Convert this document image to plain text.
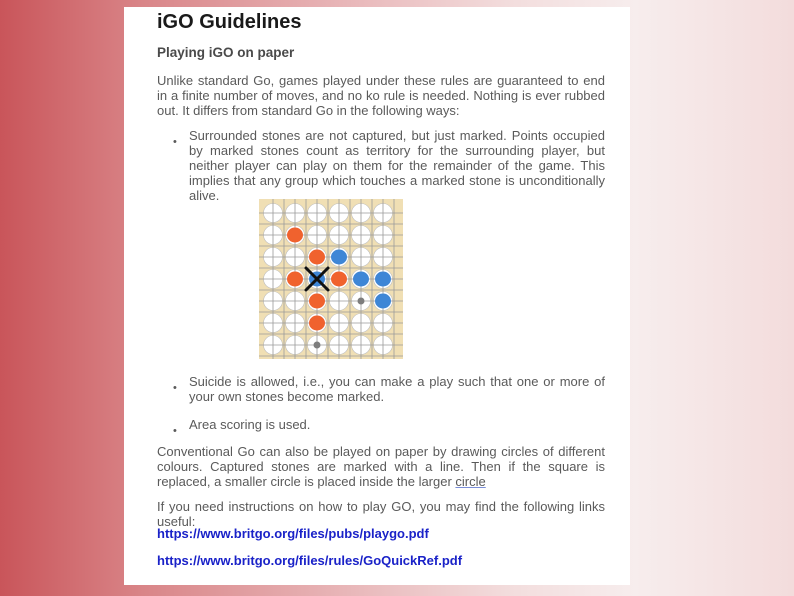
iGO Guidelines
Playing iGO on paper

Unlike standard Go, games played under these rules are guaranteed to end in a finite number of moves, and no ko rule is needed. Nothing is ever rubbed out. It differs from standard Go in the following ways:

• Surrounded stones are not captured, but just marked. Points occupied by marked stones count as territory for the surrounding player, but neither player can play on them for the remainder of the game. This implies that any group which touches a marked stone is unconditionally alive.

• Suicide is allowed, i.e., you can make a play such that one or more of your own stones become marked.

• Area scoring is used.

Conventional Go can also be played on paper by drawing circles of different colours. Captured stones are marked with a line. Then if the square is replaced, a smaller circle is placed inside the larger circle

If you need instructions on how to play GO, you may find the following links useful:

https://www.britgo.org/files/pubs/playgo.pdf
https://www.britgo.org/files/rules/GoQuickRef.pdf
